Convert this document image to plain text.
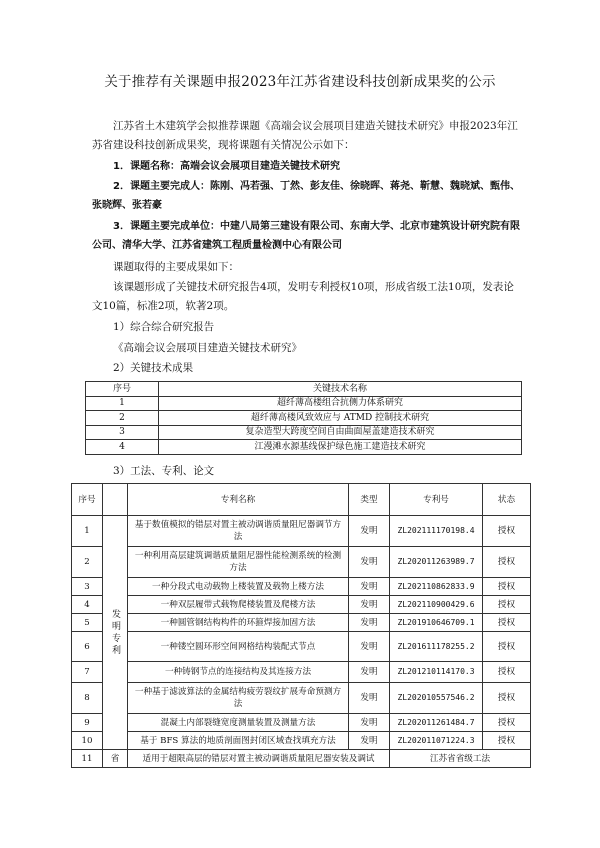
关于推荐有关课题申报2023年江苏省建设科技创新成果奖的公示
江苏省土木建筑学会拟推荐课题《高端会议会展项目建造关键技术研究》申报2023年江苏省建设科技创新成果奖，现将课题有关情况公示如下：
1．课题名称：高端会议会展项目建造关键技术研究
2．课题主要完成人：陈刚、冯若强、丁然、彭友佳、徐晓晖、蒋尧、靳慧、魏晓斌、甄伟、张晓辉、张若豪
3．课题主要完成单位：中建八局第三建设有限公司、东南大学、北京市建筑设计研究院有限公司、清华大学、江苏省建筑工程质量检测中心有限公司
课题取得的主要成果如下：
该课题形成了关键技术研究报告4项，发明专利授权10项，形成省级工法10项，发表论文10篇，标准2项，软著2项。
1）综合综合研究报告
《高端会议会展项目建造关键技术研究》
2）关键技术成果
序号	关键技术名称
1	超纤薄高楼组合抗侧力体系研究
2	超纤薄高楼风致效应与 ATMD 控制技术研究
3	复杂造型大跨度空间自由曲面屋盖建造技术研究
4	江漫滩水源基线保护绿色施工建造技术研究
3）工法、专利、论文
序号		专利名称	类型	专利号	状态
1	发明专利	基于数值模拟的错层对置主被动调谐质量阻尼器调节方法	发明	ZL202111170198.4	授权
2		一种利用高层建筑调谐质量阻尼器性能检测系统的检测方法	发明	ZL202011263989.7	授权
3		一种分段式电动载物上楼装置及载物上楼方法	发明	ZL202110862833.9	授权
4		一种双层履带式载物爬楼装置及爬楼方法	发明	ZL202110900429.6	授权
5		一种圆管钢结构构件的环箍焊接加固方法	发明	ZL201910646709.1	授权
6		一种镂空圆环形空间网格结构装配式节点	发明	ZL201611178255.2	授权
7		一种铸钢节点的连接结构及其连接方法	发明	ZL201210114170.3	授权
8		一种基于滤波算法的金属结构疲劳裂纹扩展寿命预测方法	发明	ZL202010557546.2	授权
9		混凝土内部裂缝宽度测量装置及测量方法	发明	ZL202011261484.7	授权
10		基于 BFS 算法的地质剖面图封闭区域查找填充方法	发明	ZL202011071224.3	授权
11	省	适用于超限高层的错层对置主被动调谐质量阻尼器安装及调试		江苏省省级工法	
